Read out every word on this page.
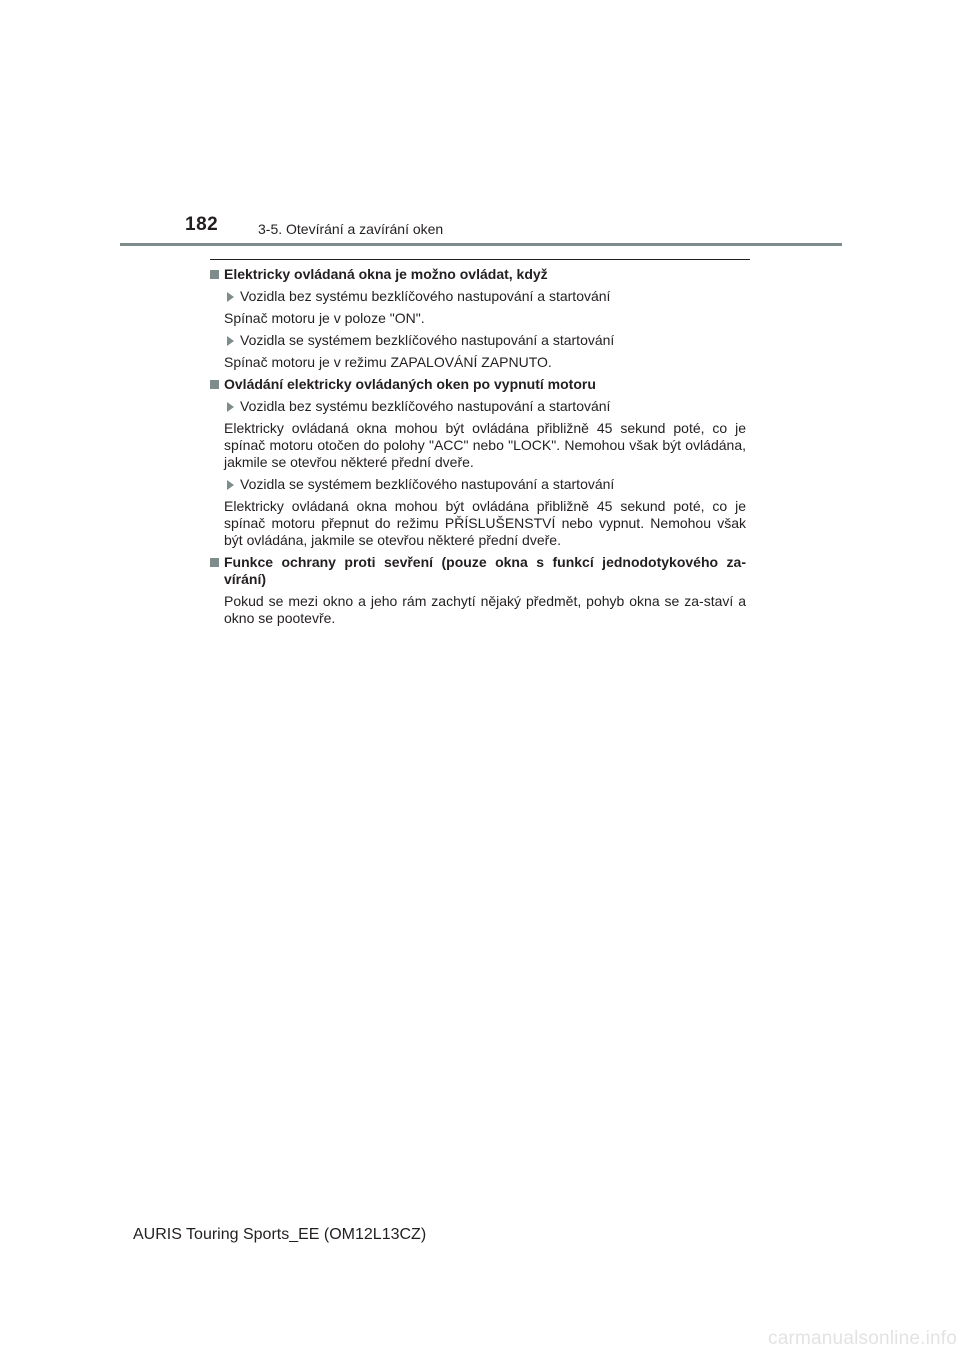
182	3-5. Otevírání a zavírání oken
Elektricky ovládaná okna je možno ovládat, když
Vozidla bez systému bezklíčového nastupování a startování
Spínač motoru je v poloze "ON".
Vozidla se systémem bezklíčového nastupování a startování
Spínač motoru je v režimu ZAPALOVÁNÍ ZAPNUTO.
Ovládání elektricky ovládaných oken po vypnutí motoru
Vozidla bez systému bezklíčového nastupování a startování
Elektricky ovládaná okna mohou být ovládána přibližně 45 sekund poté, co je spínač motoru otočen do polohy "ACC" nebo "LOCK". Nemohou však být ovládána, jakmile se otevřou některé přední dveře.
Vozidla se systémem bezklíčového nastupování a startování
Elektricky ovládaná okna mohou být ovládána přibližně 45 sekund poté, co je spínač motoru přepnut do režimu PŘÍSLUŠENSTVÍ nebo vypnut. Nemohou však být ovládána, jakmile se otevřou některé přední dveře.
Funkce ochrany proti sevření (pouze okna s funkcí jednodotykového za-vírání)
Pokud se mezi okno a jeho rám zachytí nějaký předmět, pohyb okna se za-staví a okno se pootevře.
AURIS Touring Sports_EE (OM12L13CZ)
carmanualsonline.info
